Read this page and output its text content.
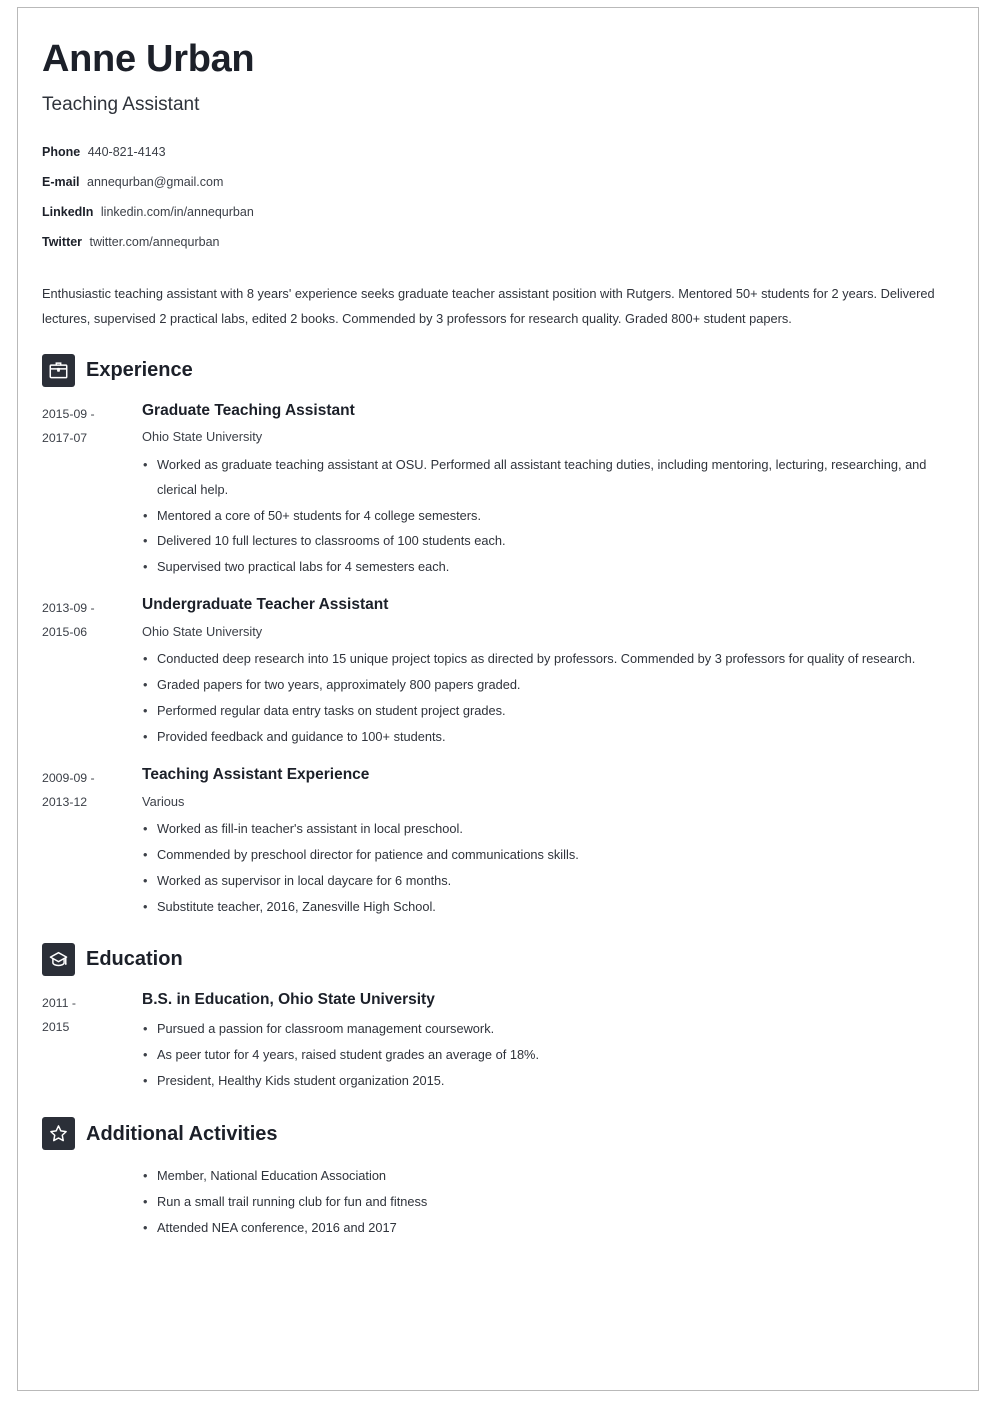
Anne Urban
Teaching Assistant
Phone 440-821-4143
E-mail annequrban@gmail.com
LinkedIn linkedin.com/in/annequrban
Twitter twitter.com/annequrban

Enthusiastic teaching assistant with 8 years' experience seeks graduate teacher assistant position with Rutgers. Mentored 50+ students for 2 years. Delivered lectures, supervised 2 practical labs, edited 2 books. Commended by 3 professors for research quality. Graded 800+ student papers.

Experience
2015-09 -
2017-07
Graduate Teaching Assistant
Ohio State University
• Worked as graduate teaching assistant at OSU. Performed all assistant teaching duties, including mentoring, lecturing, researching, and clerical help.
• Mentored a core of 50+ students for 4 college semesters.
• Delivered 10 full lectures to classrooms of 100 students each.
• Supervised two practical labs for 4 semesters each.
2013-09 -
2015-06
Undergraduate Teacher Assistant
Ohio State University
• Conducted deep research into 15 unique project topics as directed by professors. Commended by 3 professors for quality of research.
• Graded papers for two years, approximately 800 papers graded.
• Performed regular data entry tasks on student project grades.
• Provided feedback and guidance to 100+ students.
2009-09 -
2013-12
Teaching Assistant Experience
Various
• Worked as fill-in teacher's assistant in local preschool.
• Commended by preschool director for patience and communications skills.
• Worked as supervisor in local daycare for 6 months.
• Substitute teacher, 2016, Zanesville High School.
Education
2011 -
2015
B.S. in Education, Ohio State University
• Pursued a passion for classroom management coursework.
• As peer tutor for 4 years, raised student grades an average of 18%.
• President, Healthy Kids student organization 2015.
Additional Activities
• Member, National Education Association
• Run a small trail running club for fun and fitness
• Attended NEA conference, 2016 and 2017
